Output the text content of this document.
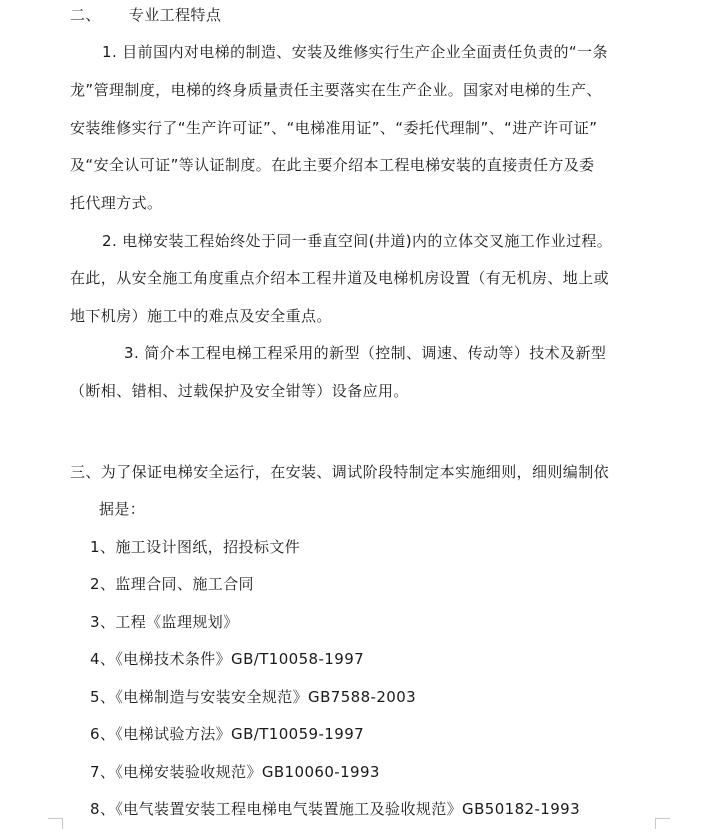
二、 专业工程特点
1. 目前国内对电梯的制造、安装及维修实行生产企业全面责任负责的“一条
龙”管理制度，电梯的终身质量责任主要落实在生产企业。国家对电梯的生产、
安装维修实行了“生产许可证”、“电梯准用证”、“委托代理制”、“进产许可证”
及“安全认可证”等认证制度。在此主要介绍本工程电梯安装的直接责任方及委
托代理方式。
2. 电梯安装工程始终处于同一垂直空间(井道)内的立体交叉施工作业过程。
在此，从安全施工角度重点介绍本工程井道及电梯机房设置（有无机房、地上或
地下机房）施工中的难点及安全重点。
3. 简介本工程电梯工程采用的新型（控制、调速、传动等）技术及新型
（断相、错相、过载保护及安全钳等）设备应用。
三、为了保证电梯安全运行，在安装、调试阶段特制定本实施细则，细则编制依
据是：
1、施工设计图纸，招投标文件
2、监理合同、施工合同
3、工程《监理规划》
4、《电梯技术条件》GB/T10058-1997
5、《电梯制造与安装安全规范》GB7588-2003
6、《电梯试验方法》GB/T10059-1997
7、《电梯安装验收规范》GB10060-1993
8、《电气装置安装工程电梯电气装置施工及验收规范》GB50182-1993
